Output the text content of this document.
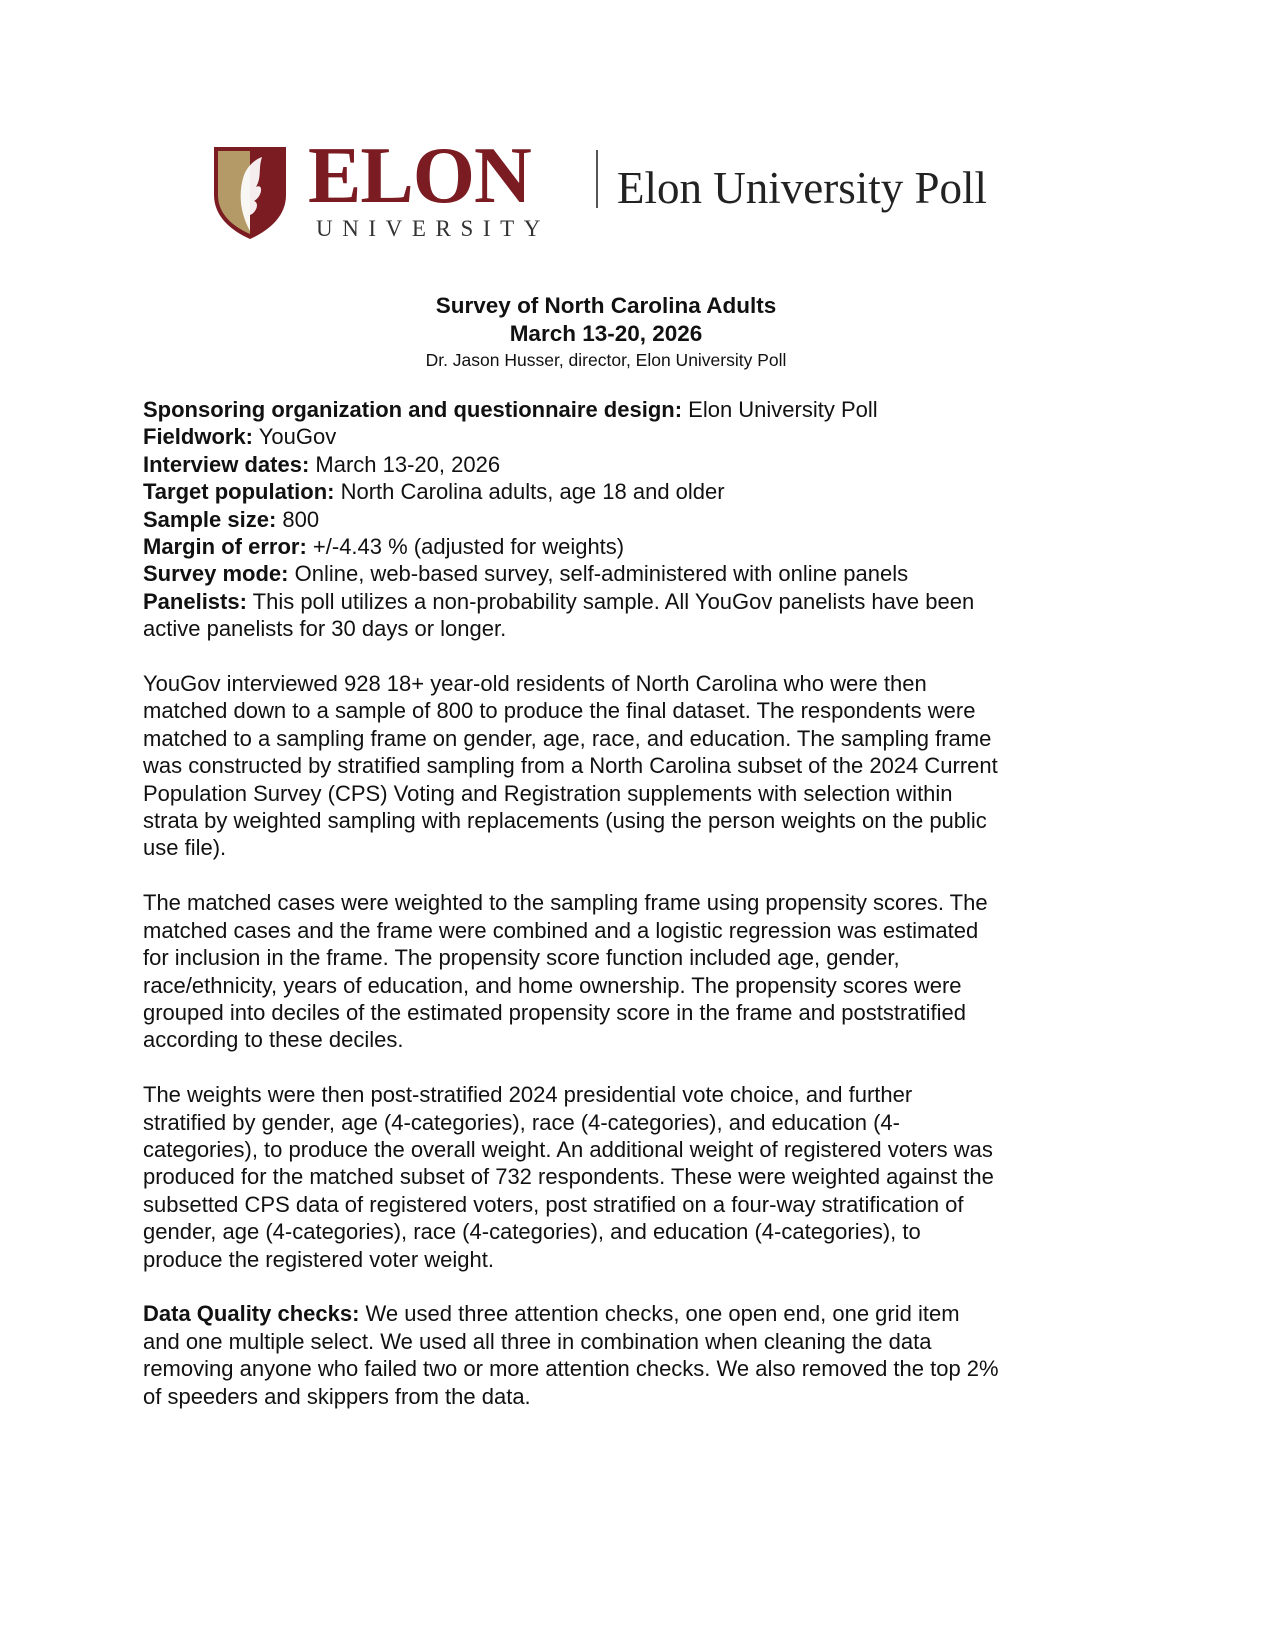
ELON
UNIVERSITY
Elon University Poll
Survey of North Carolina Adults
March 13-20, 2026
Dr. Jason Husser, director, Elon University Poll
Sponsoring organization and questionnaire design: Elon University Poll
Fieldwork: YouGov
Interview dates: March 13-20, 2026
Target population: North Carolina adults, age 18 and older
Sample size: 800
Margin of error: +/-4.43 % (adjusted for weights)
Survey mode: Online, web-based survey, self-administered with online panels
Panelists: This poll utilizes a non-probability sample. All YouGov panelists have been
active panelists for 30 days or longer.
YouGov interviewed 928 18+ year-old residents of North Carolina who were then
matched down to a sample of 800 to produce the final dataset. The respondents were
matched to a sampling frame on gender, age, race, and education. The sampling frame
was constructed by stratified sampling from a North Carolina subset of the 2024 Current
Population Survey (CPS) Voting and Registration supplements with selection within
strata by weighted sampling with replacements (using the person weights on the public
use file).
The matched cases were weighted to the sampling frame using propensity scores. The
matched cases and the frame were combined and a logistic regression was estimated
for inclusion in the frame. The propensity score function included age, gender,
race/ethnicity, years of education, and home ownership. The propensity scores were
grouped into deciles of the estimated propensity score in the frame and poststratified
according to these deciles.
The weights were then post-stratified 2024 presidential vote choice, and further
stratified by gender, age (4-categories), race (4-categories), and education (4-
categories), to produce the overall weight. An additional weight of registered voters was
produced for the matched subset of 732 respondents. These were weighted against the
subsetted CPS data of registered voters, post stratified on a four-way stratification of
gender, age (4-categories), race (4-categories), and education (4-categories), to
produce the registered voter weight.
Data Quality checks: We used three attention checks, one open end, one grid item
and one multiple select. We used all three in combination when cleaning the data
removing anyone who failed two or more attention checks. We also removed the top 2%
of speeders and skippers from the data.
